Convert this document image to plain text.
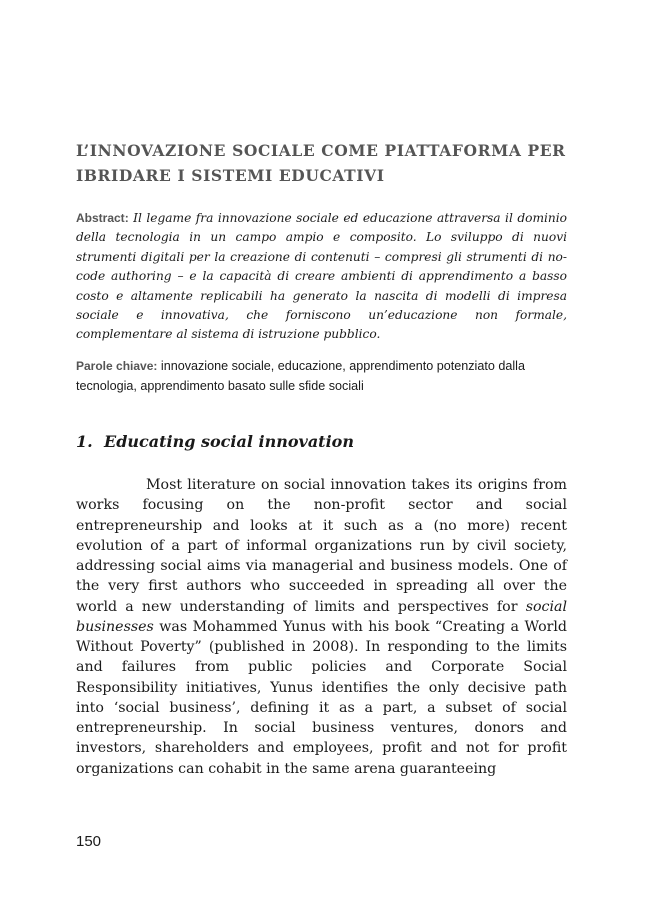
L’INNOVAZIONE SOCIALE COME PIATTAFORMA PER
IBRIDARE I SISTEMI EDUCATIVI

Abstract: Il legame fra innovazione sociale ed educazione attraversa il dominio della tecnologia in un campo ampio e composito. Lo sviluppo di nuovi strumenti digitali per la creazione di contenuti – compresi gli strumenti di no-code authoring – e la capacità di creare ambienti di apprendimento a basso costo e altamente replicabili ha generato la nascita di modelli di impresa sociale e innovativa, che forniscono un’educazione non formale, complementare al sistema di istruzione pubblico.

Parole chiave: innovazione sociale, educazione, apprendimento potenziato dalla tecnologia, apprendimento basato sulle sfide sociali

1. Educating social innovation

Most literature on social innovation takes its origins from works focusing on the non-profit sector and social entrepreneurship and looks at it such as a (no more) recent evolution of a part of informal organizations run by civil society, addressing social aims via managerial and business models. One of the very first authors who succeeded in spreading all over the world a new understanding of limits and perspectives for social businesses was Mohammed Yunus with his book “Creating a World Without Poverty” (published in 2008). In responding to the limits and failures from public policies and Corporate Social Responsibility initiatives, Yunus identifies the only decisive path into ‘social business’, defining it as a part, a subset of social entrepreneurship. In social business ventures, donors and investors, shareholders and employees, profit and not for profit organizations can cohabit in the same arena guaranteeing

150
